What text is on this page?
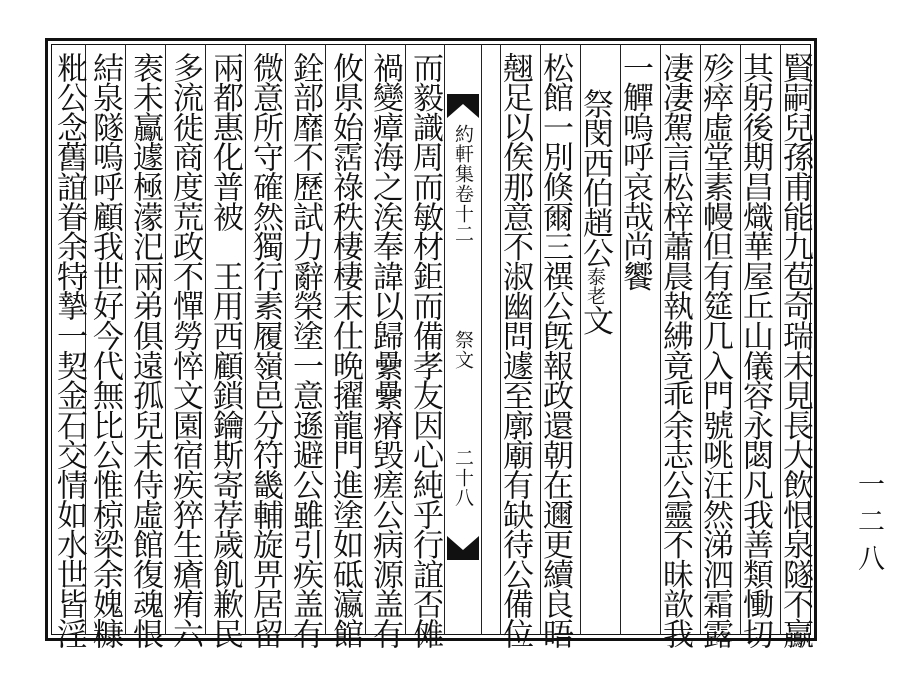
賢嗣兒孫甫能九苞奇瑞未見長大飲恨泉隧不鸁
其躬後期昌熾華屋丘山儀容永閟凡我善類慟切
殄瘁虛堂素幔但有筵几入門號咷汪然涕泗霜露
凄凄駕言松梓蕭晨執紼竟乖余志公靈不昧歆我
一觶嗚呼哀哉尚饗
祭閔西伯趙公泰老文
松館一別倏爾三禩公旣報政還朝在邇更續良晤
翹足以俟那意不淑幽問遽至廓廟有缺待公備位
約軒集卷十二
祭文
二十八
而毅識周而敏材鉅而備孝友因心純乎行誼否傩
禍變瘴海之涘奉諱以歸纍纍瘠毁瘥公病源盖有
攸県始霑祿秩棲棲末仕晩擢龍門進塗如砥瀛館
銓部靡不歷試力辭榮塗一意遜避公雖引疾盖有
微意所守確然獨行素履嶺邑分符畿輔旋畀居留
兩都惠化普被　王用西顧鎖鑰斯寄荐歲飢歉民
多流徙商度荒政不憚勞悴文園宿疾猝生瘡痏六
袠未鸁遽極濛汜兩弟俱遠孤兒未侍虛館復魂恨
結泉隧嗚呼顧我世好今代無比公惟椋梁余媿糠
粃公念舊誼眷余特摯一契金石交情如水世皆淫	一二八
